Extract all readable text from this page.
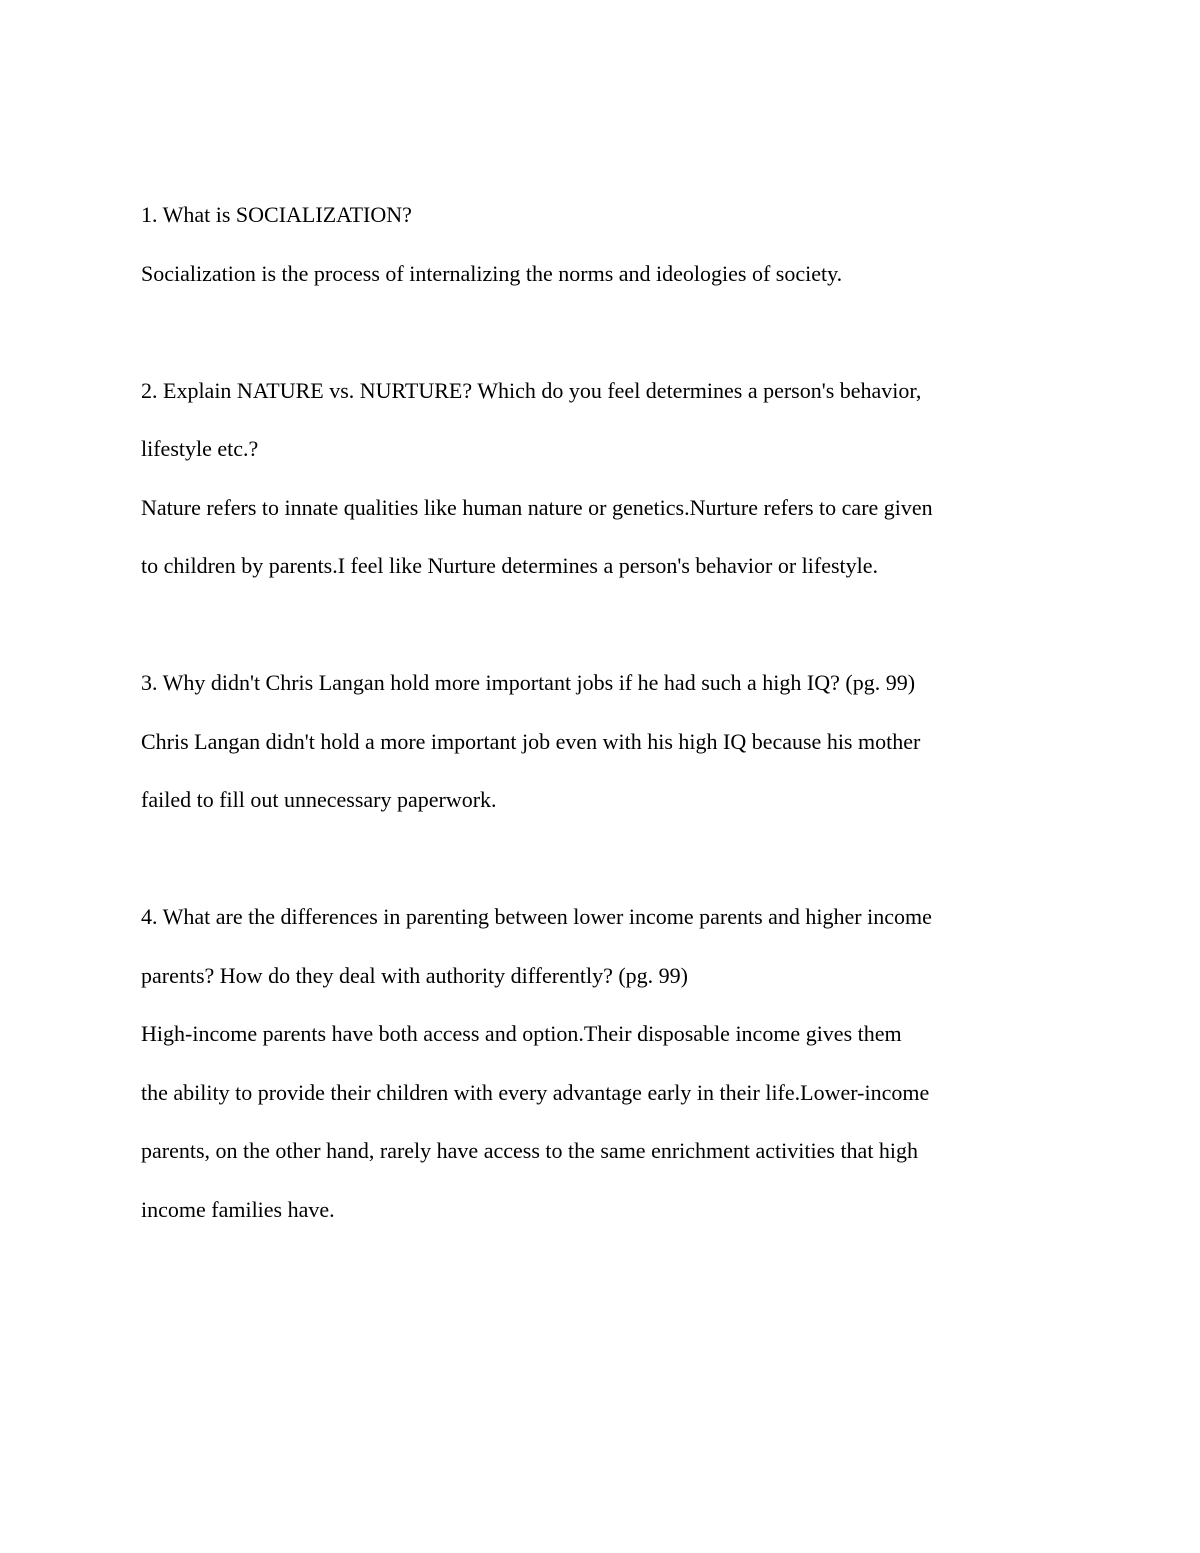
1. What is SOCIALIZATION?
Socialization is the process of internalizing the norms and ideologies of society.
2. Explain NATURE vs. NURTURE? Which do you feel determines a person's behavior,
lifestyle etc.?
Nature refers to innate qualities like human nature or genetics.Nurture refers to care given
to children by parents.I feel like Nurture determines a person's behavior or lifestyle.
3. Why didn't Chris Langan hold more important jobs if he had such a high IQ? (pg. 99)
Chris Langan didn't hold a more important job even with his high IQ because his mother
failed to fill out unnecessary paperwork.
4. What are the differences in parenting between lower income parents and higher income
parents? How do they deal with authority differently? (pg. 99)
High-income parents have both access and option.Their disposable income gives them
the ability to provide their children with every advantage early in their life.Lower-income
parents, on the other hand, rarely have access to the same enrichment activities that high
income families have.
